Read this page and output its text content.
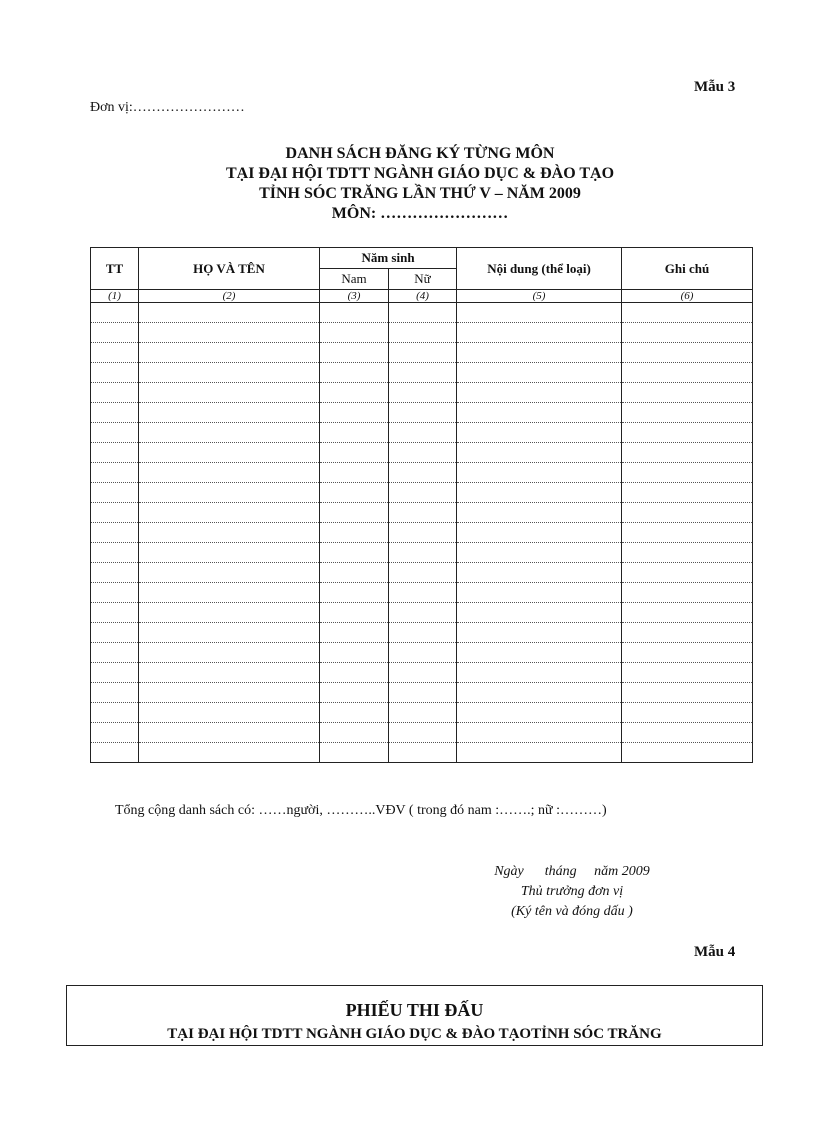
Mẫu 3
Đơn vị:……………………
DANH SÁCH ĐĂNG KÝ TỪNG MÔN
TẠI ĐẠI HỘI TDTT NGÀNH GIÁO DỤC & ĐÀO TẠO
TỈNH SÓC TRĂNG LẦN THỨ V – NĂM 2009
MÔN: ……………………
TT	HỌ VÀ TÊN	Năm sinh		Nội dung (thể loại)	Ghi chú
		Nam	Nữ		
(1)	(2)	(3)	(4)	(5)	(6)

Tổng cộng danh sách có: ……người, ………..VĐV ( trong đó nam :…….; nữ :………)
Ngày      tháng     năm 2009
Thủ trưởng đơn vị
(Ký tên và đóng dấu )
Mẫu 4
PHIẾU THI ĐẤU
TẠI ĐẠI HỘI TDTT NGÀNH GIÁO DỤC & ĐÀO TẠOTỈNH SÓC TRĂNG
